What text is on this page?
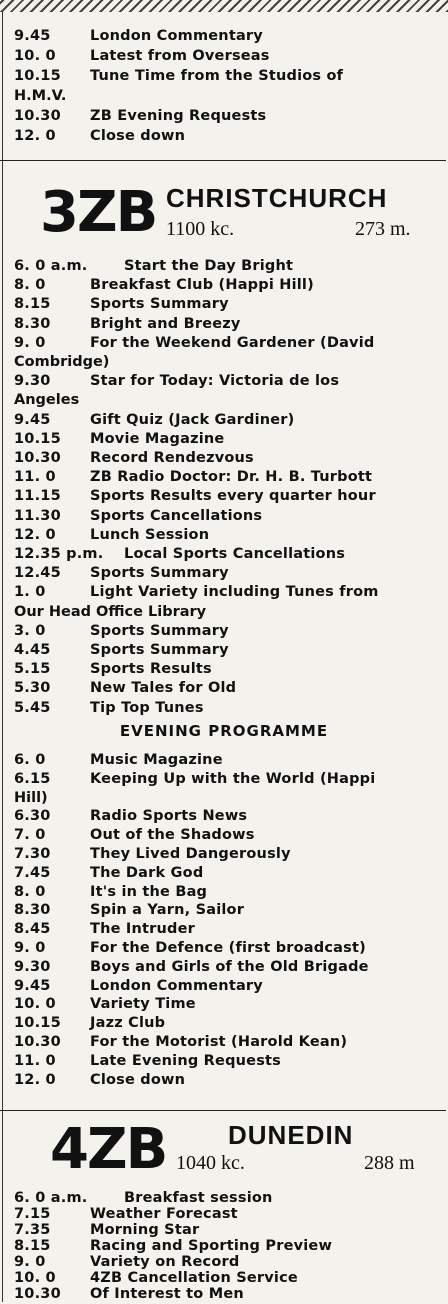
9.45	London Commentary
10. 0 Latest from Overseas
10.15 Tune Time from the Studios of
H.M.V.
10.30 ZB Evening Requests
12. 0 Close down
3ZB CHRISTCHURCH
1100 kc.	273 m.
6. 0 a.m.	Start the Day Bright
8. 0	Breakfast Club (Happi Hill)
8.15	Sports Summary
8.30	Bright and Breezy
9. 0	For the Weekend Gardener (David
Combridge)
9.30	Star for Today: Victoria de los
Angeles
9.45	Gift Quiz (Jack Gardiner)
10.15 Movie Magazine
10.30 Record Rendezvous
11. 0 ZB Radio Doctor: Dr. H. B. Turbott
11.15 Sports Results every quarter hour
11.30 Sports Cancellations
12. 0 Lunch Session
12.35 p.m. Local Sports Cancellations
12.45 Sports Summary
1. 0	Light Variety including Tunes from
Our Head Office Library
3. 0	Sports Summary
4.45	Sports Summary
5.15	Sports Results
5.30	New Tales for Old
5.45	Tip Top Tunes
EVENING PROGRAMME
6. 0	Music Magazine
6.15	Keeping Up with the World (Happi
Hill)
6.30	Radio Sports News
7. 0	Out of the Shadows
7.30	They Lived Dangerously
7.45	The Dark God
8. 0	It's in the Bag
8.30	Spin a Yarn, Sailor
8.45	The Intruder
9. 0	For the Defence (first broadcast)
9.30	Boys and Girls of the Old Brigade
9.45	London Commentary
10. 0 Variety Time
10.15 Jazz Club
10.30 For the Motorist (Harold Kean)
11. 0 Late Evening Requests
12. 0 Close down
4ZB DUNEDIN
1040 kc.	288 m
6. 0 a.m.	Breakfast session
7.15	Weather Forecast
7.35	Morning Star
8.15	Racing and Sporting Preview
9. 0	Variety on Record
10. 0 4ZB Cancellation Service
10.30 Of Interest to Men
